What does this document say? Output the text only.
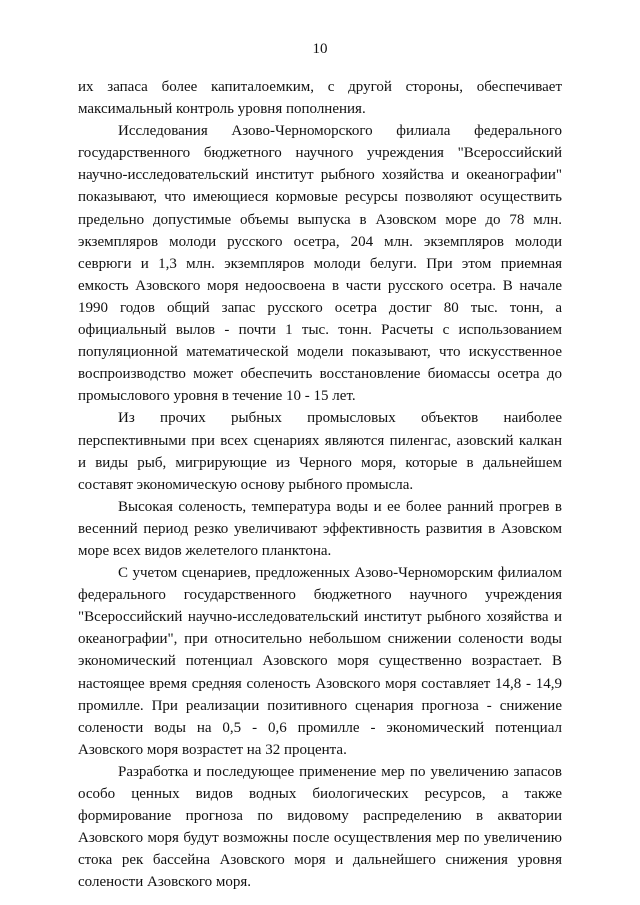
10

их запаса более капиталоемким, с другой стороны, обеспечивает максимальный контроль уровня пополнения.

Исследования Азово-Черноморского филиала федерального государственного бюджетного научного учреждения "Всероссийский научно-исследовательский институт рыбного хозяйства и океанографии" показывают, что имеющиеся кормовые ресурсы позволяют осуществить предельно допустимые объемы выпуска в Азовском море до 78 млн. экземпляров молоди русского осетра, 204 млн. экземпляров молоди севрюги и 1,3 млн. экземпляров молоди белуги. При этом приемная емкость Азовского моря недоосвоена в части русского осетра. В начале 1990 годов общий запас русского осетра достиг 80 тыс. тонн, а официальный вылов - почти 1 тыс. тонн. Расчеты с использованием популяционной математической модели показывают, что искусственное воспроизводство может обеспечить восстановление биомассы осетра до промыслового уровня в течение 10 - 15 лет.

Из прочих рыбных промысловых объектов наиболее перспективными при всех сценариях являются пиленгас, азовский калкан и виды рыб, мигрирующие из Черного моря, которые в дальнейшем составят экономическую основу рыбного промысла.

Высокая соленость, температура воды и ее более ранний прогрев в весенний период резко увеличивают эффективность развития в Азовском море всех видов желетелого планктона.

С учетом сценариев, предложенных Азово-Черноморским филиалом федерального государственного бюджетного научного учреждения "Всероссийский научно-исследовательский институт рыбного хозяйства и океанографии", при относительно небольшом снижении солености воды экономический потенциал Азовского моря существенно возрастает. В настоящее время средняя соленость Азовского моря составляет 14,8 - 14,9 промилле. При реализации позитивного сценария прогноза - снижение солености воды на 0,5 - 0,6 промилле - экономический потенциал Азовского моря возрастет на 32 процента.

Разработка и последующее применение мер по увеличению запасов особо ценных видов водных биологических ресурсов, а также формирование прогноза по видовому распределению в акватории Азовского моря будут возможны после осуществления мер по увеличению стока рек бассейна Азовского моря и дальнейшего снижения уровня солености Азовского моря.
